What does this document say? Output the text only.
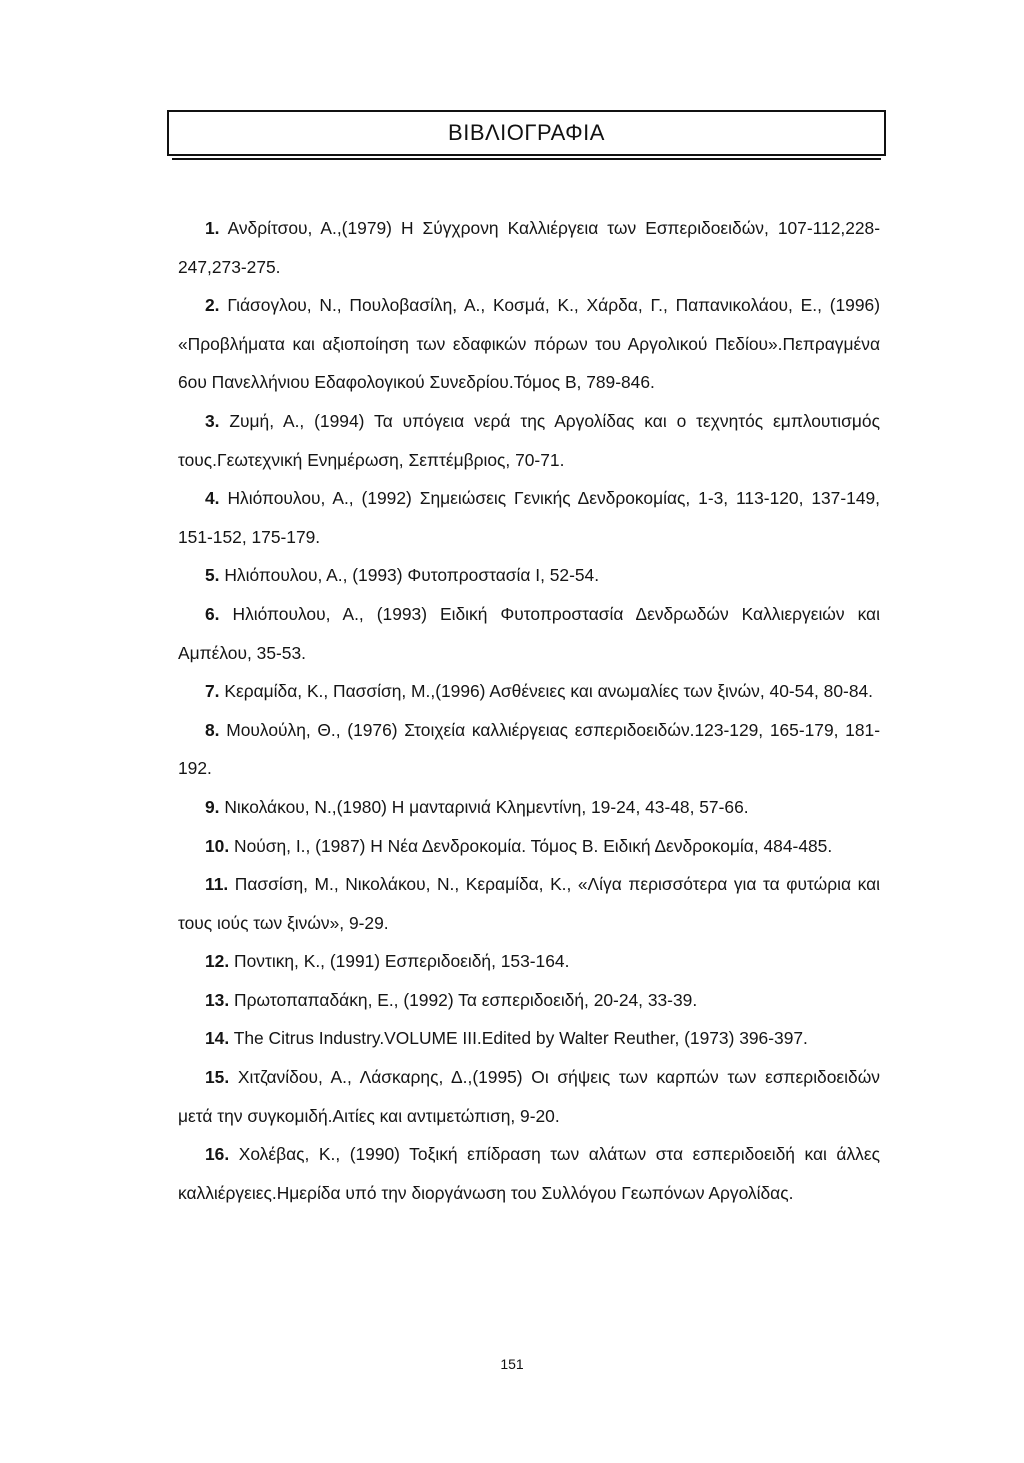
ΒΙΒΛΙΟΓΡΑΦΙΑ

1. Ανδρίτσου, Α.,(1979) Η Σύγχρονη Καλλιέργεια των Εσπεριδοειδών, 107-112,228-247,273-275.

2. Γιάσογλου, Ν., Πουλοβασίλη, Α., Κοσμά, Κ., Χάρδα, Γ., Παπανικολάου, Ε., (1996) «Προβλήματα και αξιοποίηση των εδαφικών πόρων του Αργολικού Πεδίου».Πεπραγμένα 6ου Πανελλήνιου Εδαφολογικού Συνεδρίου.Τόμος Β, 789-846.

3. Ζυμή, Α., (1994) Τα υπόγεια νερά της Αργολίδας και ο τεχνητός εμπλουτισμός τους.Γεωτεχνική Ενημέρωση, Σεπτέμβριος, 70-71.

4. Ηλιόπουλου, Α., (1992) Σημειώσεις Γενικής Δενδροκομίας, 1-3, 113-120, 137-149, 151-152, 175-179.

5. Ηλιόπουλου, Α., (1993) Φυτοπροστασία Ι, 52-54.

6. Ηλιόπουλου, Α., (1993) Ειδική Φυτοπροστασία Δενδρωδών Καλλιεργειών και Αμπέλου, 35-53.

7. Κεραμίδα, Κ., Πασσίση, Μ.,(1996) Ασθένειες και ανωμαλίες των ξινών, 40-54, 80-84.

8. Μουλούλη, Θ., (1976) Στοιχεία καλλιέργειας εσπεριδοειδών.123-129, 165-179, 181-192.

9. Νικολάκου, Ν.,(1980) Η μανταρινιά Κλημεντίνη, 19-24, 43-48, 57-66.

10. Νούση, Ι., (1987) Η Νέα Δενδροκομία. Τόμος Β. Ειδική Δενδροκομία, 484-485.

11. Πασσίση, Μ., Νικολάκου, Ν., Κεραμίδα, Κ., «Λίγα περισσότερα για τα φυτώρια και τους ιούς των ξινών», 9-29.

12. Ποντικη, Κ., (1991) Εσπεριδοειδή, 153-164.

13. Πρωτοπαπαδάκη, Ε., (1992) Τα εσπεριδοειδή, 20-24, 33-39.

14. The Citrus Industry.VOLUME III.Edited by Walter Reuther, (1973) 396-397.

15. Χιτζανίδου, Α., Λάσκαρης, Δ.,(1995) Οι σήψεις των καρπών των εσπεριδοειδών μετά την συγκομιδή.Αιτίες και αντιμετώπιση, 9-20.

16. Χολέβας, Κ., (1990) Τοξική επίδραση των αλάτων στα εσπεριδοειδή και άλλες καλλιέργειες.Ημερίδα υπό την διοργάνωση του Συλλόγου Γεωπόνων Αργολίδας.

151
